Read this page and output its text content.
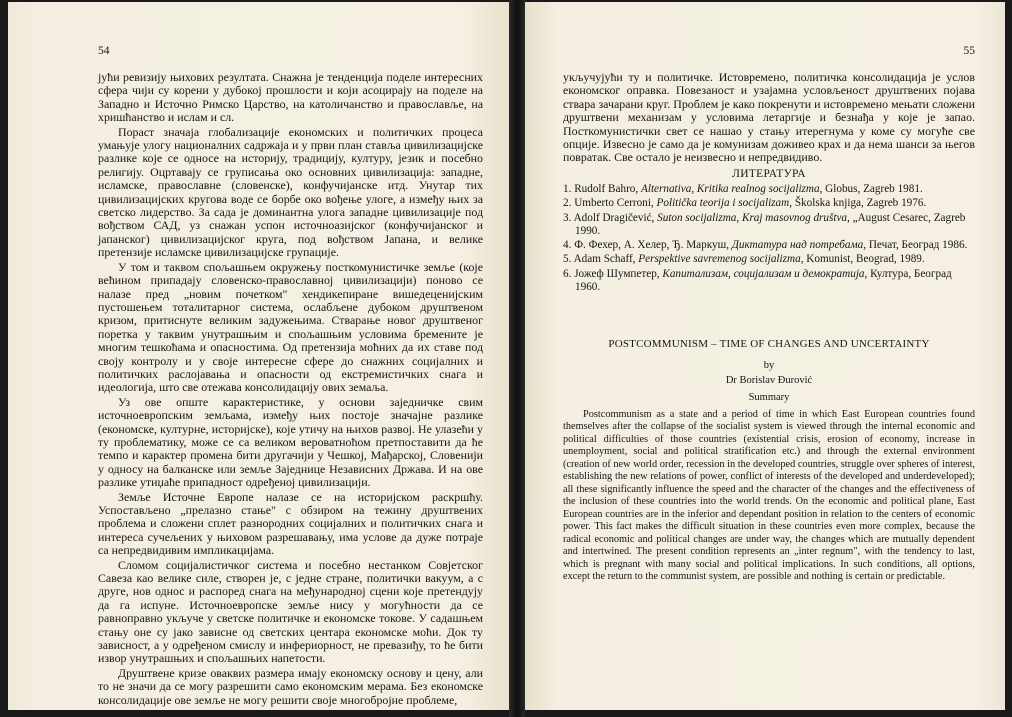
54

јући ревизију њихових резултата. Снажна је тенденција поделе интересних сфера чији су корени у дубокој прошлости и који асоцирају на поделе на Западно и Источно Римско Царство, на католичанство и православље, на хришћанство и ислам и сл.

Пораст значаја глобализације економских и политичких процеса умањује улогу националних садржаја и у први план ставља цивилизацијске разлике које се односе на историју, традицију, културу, језик и посебно религију. Оцртавају се груписања око основних цивилизација: западне, исламске, православне (словенске), конфучијанске итд. Унутар тих цивилизацијских кругова воде се борбе око вођење улоге, а између њих за светско лидерство. За сада је доминантна улога западне цивилизације под вођством САД, уз снажан успон источноазијског (конфучијанског и јапанског) цивилизацијског круга, под вођством Јапана, и велике претензије исламске цивилизацијске групације.

У том и таквом спољашњем окружењу посткомунистичке земље (које већином припадају словенско-православној цивилизацији) поново се налазе пред „новим почетком" хендикепиране вишедеценијским пустошењем тоталитарног система, ослабљене дубоком друштвеном кризом, притиснуте великим задужењима. Стварање новог друштвеног поретка у таквим унутрашњим и спољашњим условима бремените је многим тешкоћама и опасностима. Од претензија моћних да их ставе под своју контролу и у своје интересне сфере до снажних социјалних и политичких раслојавања и опасности од екстремистичких снага и идеологија, што све отежава консолидацију ових земаља.

Уз ове опште карактеристике, у основи заједничке свим источноевропским земљама, између њих постоје значајне разлике (економске, културне, историјске), које утичу на њихов развој. Не улазећи у ту проблематику, може се са великом вероватноћом претпоставити да ће темпо и карактер промена бити другачији у Чешкој, Мађарској, Словенији у односу на балканске или земље Заједнице Независних Држава. И на ове разлике утиџаће припадност одређеној цивилизацији.

Земље Источне Европе налазе се на историјском раскршћу. Успостављено „прелазно стање" с обзиром на тежину друштвених проблема и сложени сплет разнородних социјалних и политичких снага и интереса сучељених у њиховом разрешавању, има услове да дуже потраје са непредвидивим импликацијама.

Сломом социјалистичког система и посебно нестанком Совјетског Савеза као велике силе, створен је, с једне стране, политички вакуум, а с друге, нов однос и распоред снага на међународној сцени које претендују да га испуне. Источноевропске земље нису у могућности да се равноправно укључе у светске политичке и економске токове. У садашњем стању оне су јако зависне од светских центара економске моћи. Док ту зависност, а у одређеном смислу и инфериорност, не превазиђу, то ће бити извор унутрашњих и спољашњих напетости.

Друштвене кризе оваквих размера имају економску основу и цену, али то не значи да се могу разрешити само економским мерама. Без економске консолидације ове земље не могу решити своје многобројне проблеме,

55

укључујући ту и политичке. Истовремено, политичка консолидација је услов економског оправка. Повезаност и узајамна условљеност друштвених појава ствара зачарани круг. Проблем је како покренути и истовремено мењати сложени друштвени механизам у условима летаргије и безнађа у које је запао. Посткомунистички свет се нашао у стању итерегнума у коме су могуће све опције. Извесно је само да је комунизам доживео крах и да нема шанси за његов повратак. Све остало је неизвесно и непредвидиво.

ЛИТЕРАТУРА
1. Rudolf Bahro, Alternativa, Kritika realnog socijalizma, Globus, Zagreb 1981.
2. Umberto Cerroni, Politička teorija i socijalizam, Školska knjiga, Zagreb 1976.
3. Adolf Dragičević, Suton socijalizma, Kraj masovnog društva, „August Cesarec, Zagreb 1990.
4. Ф. Фехер, А. Хелер, Ђ. Маркуш, Диктатура над потребама, Печат, Београд 1986.
5. Adam Schaff, Perspektive savremenog socijalizma, Komunist, Beograd, 1989.
6. Јожеф Шумпетер, Капитализам, социјализам и демократија, Култура, Београд 1960.
POSTCOMMUNISM – TIME OF CHANGES AND UNCERTAINTY
by
Dr Borislav Đurović
Summary

Postcommunism as a state and a period of time in which East European countries found themselves after the collapse of the socialist system is viewed through the internal economic and political difficulties of those countries (existential crisis, erosion of economy, increase in unemployment, social and political stratification etc.) and through the external environment (creation of new world order, recession in the developed countries, struggle over spheres of interest, establishing the new relations of power, conflict of interests of the developed and underdeveloped); all these significantly influence the speed and the character of the changes and the effectiveness of the inclusion of these countries into the world trends. On the economic and political plane, East European countries are in the inferior and dependant position in relation to the centers of economic power. This fact makes the difficult situation in these countries even more complex, because the radical economic and political changes are under way, the changes which are mutually dependent and intertwined. The present condition represents an „inter regnum", with the tendency to last, which is pregnant with many social and political implications. In such conditions, all options, except the return to the communist system, are possible and nothing is certain or predictable.
